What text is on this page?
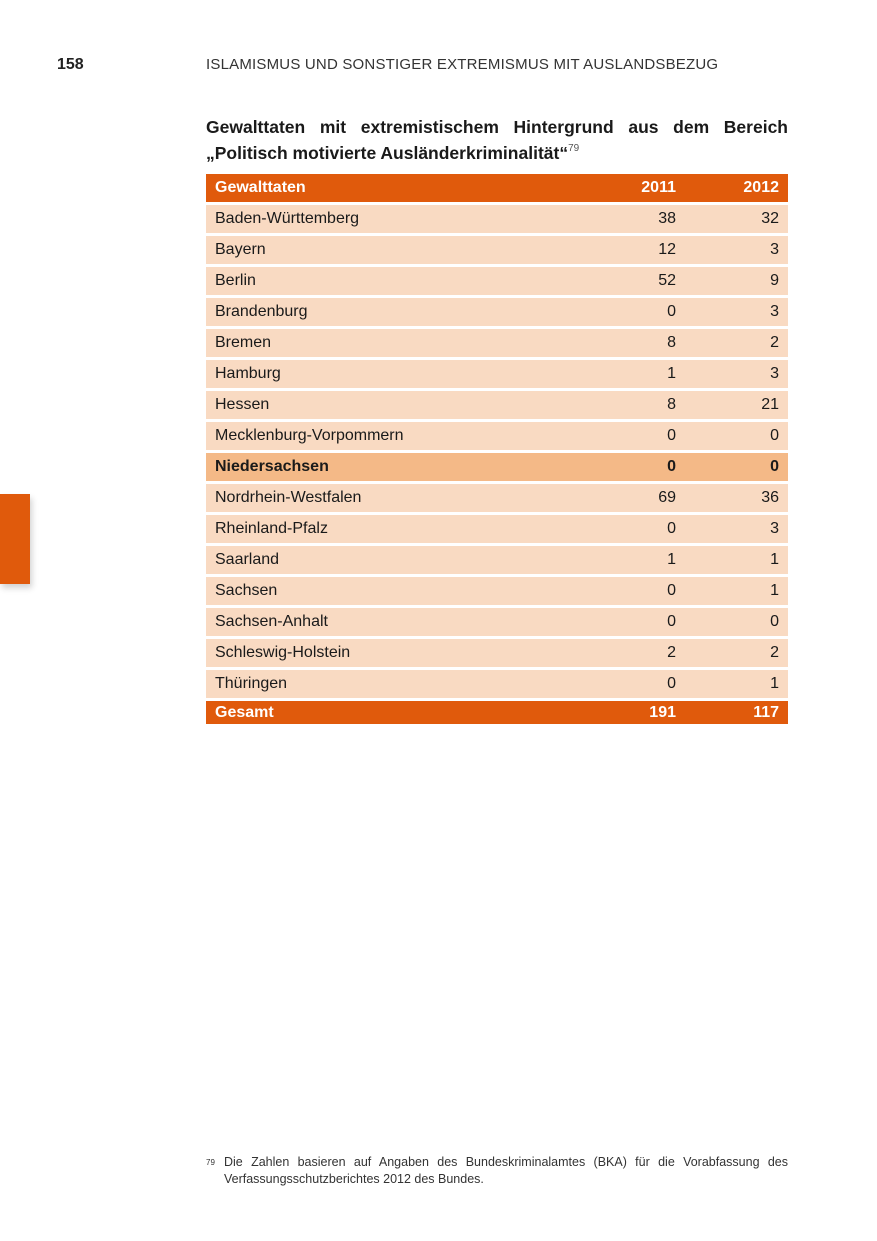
158	ISLAMISMUS UND SONSTIGER EXTREMISMUS MIT AUSLANDSBEZUG
Gewalttaten mit extremistischem Hintergrund aus dem Bereich
„Politisch motivierte Ausländerkriminalität“$^{79}$
Gewalttaten	2011	2012
Baden-Württemberg	38	32
Bayern	12	3
Berlin	52	9
Brandenburg	0	3
Bremen	8	2
Hamburg	1	3
Hessen	8	21
Mecklenburg-Vorpommern	0	0
Niedersachsen	0	0
Nordrhein-Westfalen	69	36
Rheinland-Pfalz	0	3
Saarland	1	1
Sachsen	0	1
Sachsen-Anhalt	0	0
Schleswig-Holstein	2	2
Thüringen	0	1
Gesamt	191	117
79 Die Zahlen basieren auf Angaben des Bundeskriminalamtes (BKA) für die Vorabfassung des Verfassungsschutzberichtes 2012 des Bundes.
